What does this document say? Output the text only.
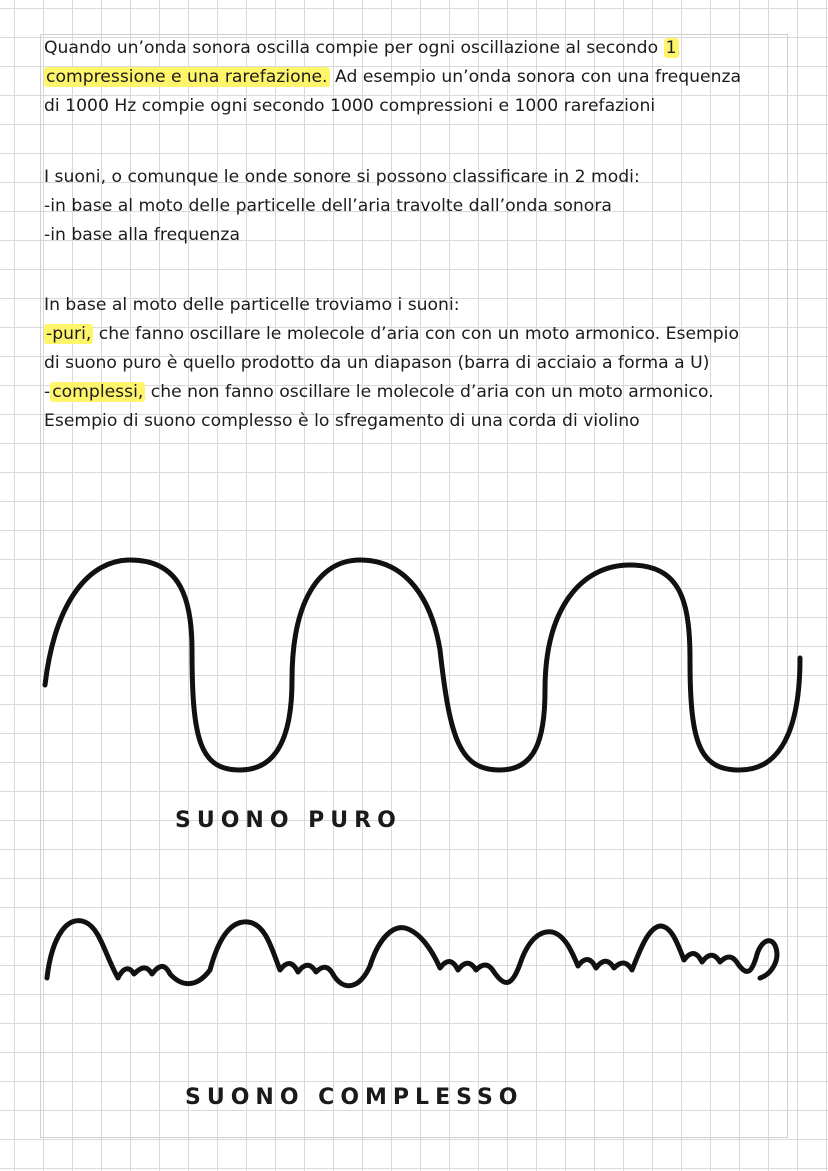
Quando un’onda sonora oscilla compie per ogni oscillazione al secondo 1
compressione e una rarefazione. Ad esempio un’onda sonora con una frequenza
di 1000 Hz compie ogni secondo 1000 compressioni e 1000 rarefazioni
I suoni, o comunque le onde sonore si possono classificare in 2 modi:
-in base al moto delle particelle dell’aria travolte dall’onda sonora
-in base alla frequenza
In base al moto delle particelle troviamo i suoni:
-puri, che fanno oscillare le molecole d’aria con con un moto armonico. Esempio
di suono puro è quello prodotto da un diapason (barra di acciaio a forma a U)
- complessi, che non fanno oscillare le molecole d’aria con un moto armonico.
Esempio di suono complesso è lo sfregamento di una corda di violino
SUONO PURO
SUONO COMPLESSO
